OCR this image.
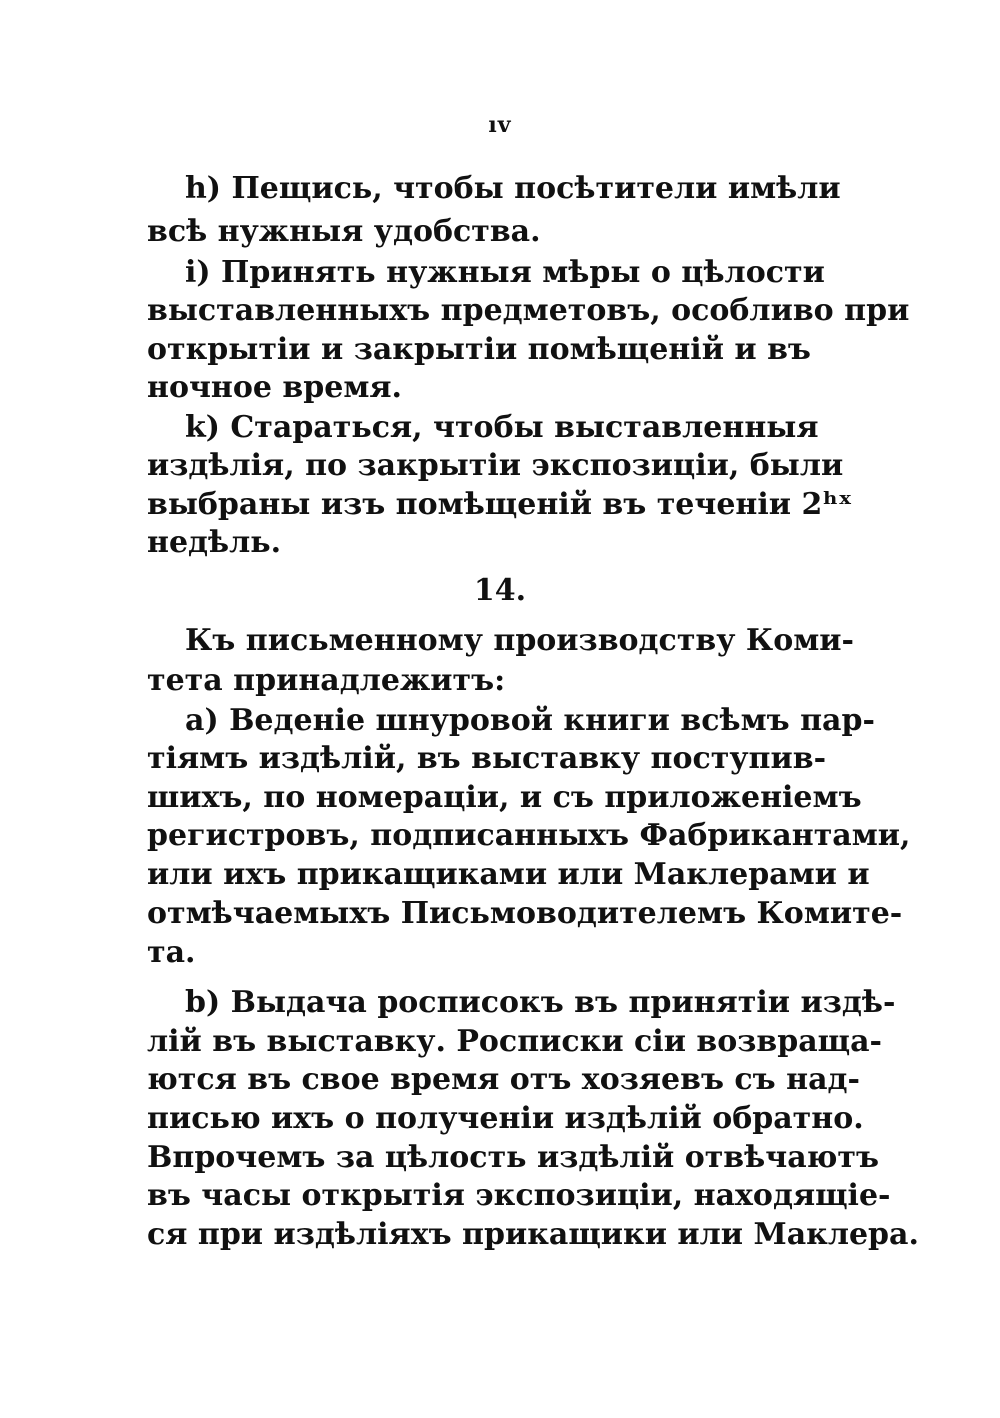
ıv
h) Пещись, чтобы посѣтители имѣли
всѣ нужныя удобства.
i) Принять нужныя мѣры о цѣлости
выставленныхъ предметовъ, особливо при
открытіи и закрытіи помѣщеній и въ
ночное время.
k) Стараться, чтобы выставленныя
издѣлія, по закрытіи экспозиціи, были
выбраны изъ помѣщеній въ теченіи 2ʰˣ
недѣль.
14.
Къ письменному производству Коми-
тета принадлежитъ:
a) Веденіе шнуровой книги всѣмъ пар-
тіямъ издѣлій, въ выставку поступив-
шихъ, по номераціи, и съ приложеніемъ
регистровъ, подписанныхъ Фабрикантами,
или ихъ прикащиками или Маклерами и
отмѣчаемыхъ Письмоводителемъ Комите-
та.
b) Выдача росписокъ въ принятіи издѣ-
лій въ выставку. Росписки сіи возвраща-
ются въ свое время отъ хозяевъ съ над-
писью ихъ о полученіи издѣлій обратно.
Впрочемъ за цѣлость издѣлій отвѣчаютъ
въ часы открытія экспозиціи, находящіе-
ся при издѣліяхъ прикащики или Маклера.
